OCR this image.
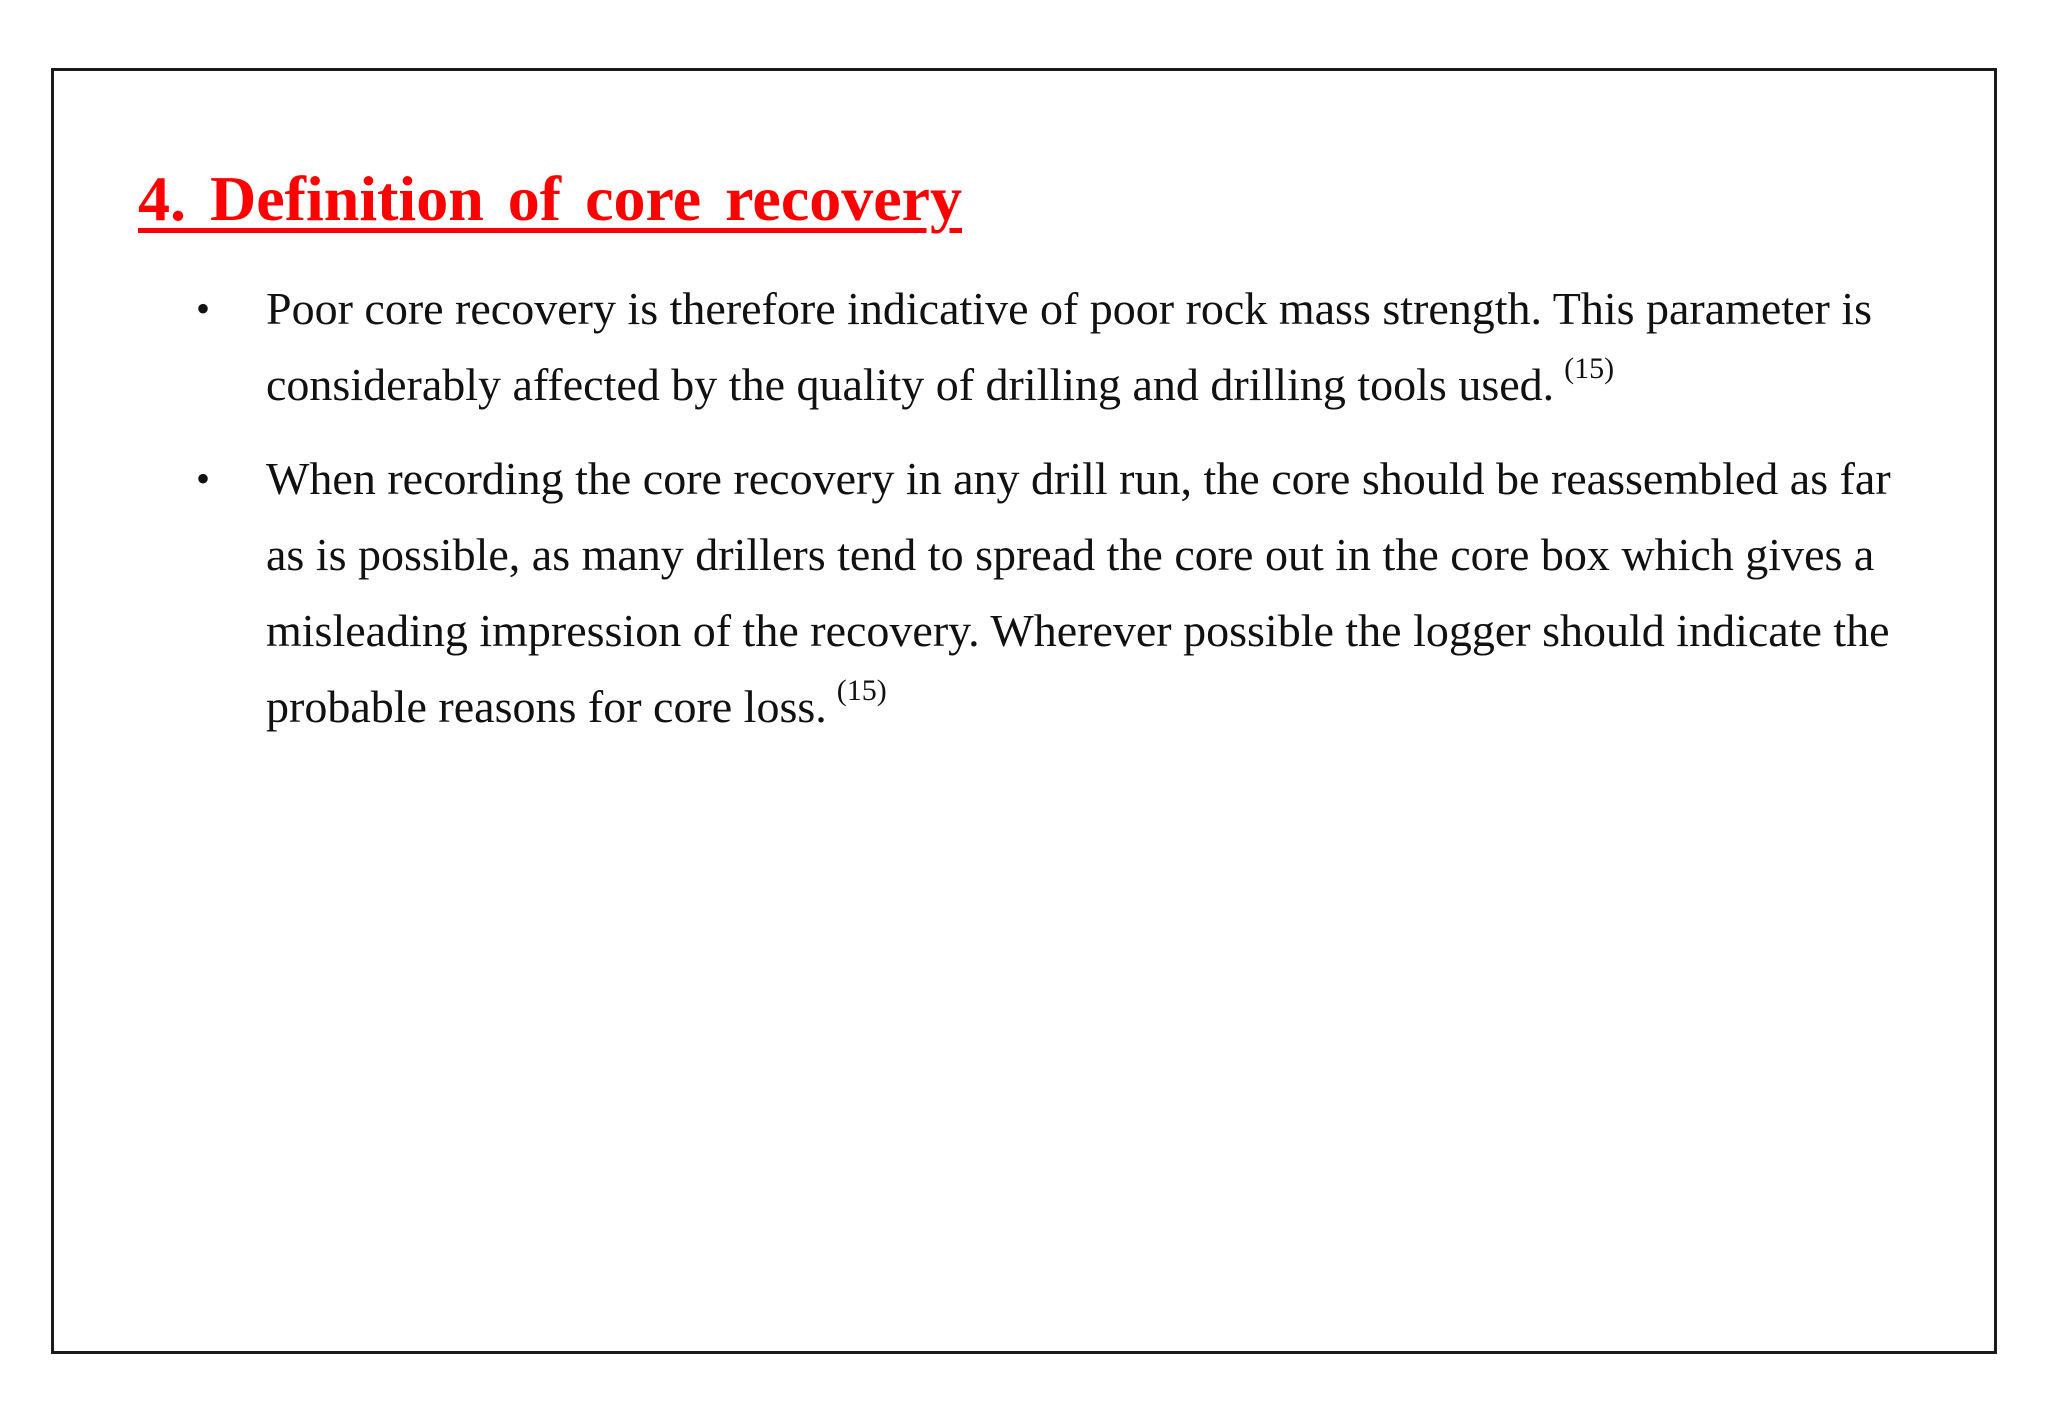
4. Definition of core recovery
• Poor core recovery is therefore indicative of poor rock mass strength. This parameter is considerably affected by the quality of drilling and drilling tools used. $^{(15)}$
• When recording the core recovery in any drill run, the core should be reassembled as far as is possible, as many drillers tend to spread the core out in the core box which gives a misleading impression of the recovery. Wherever possible the logger should indicate the probable reasons for core loss. $^{(15)}$
